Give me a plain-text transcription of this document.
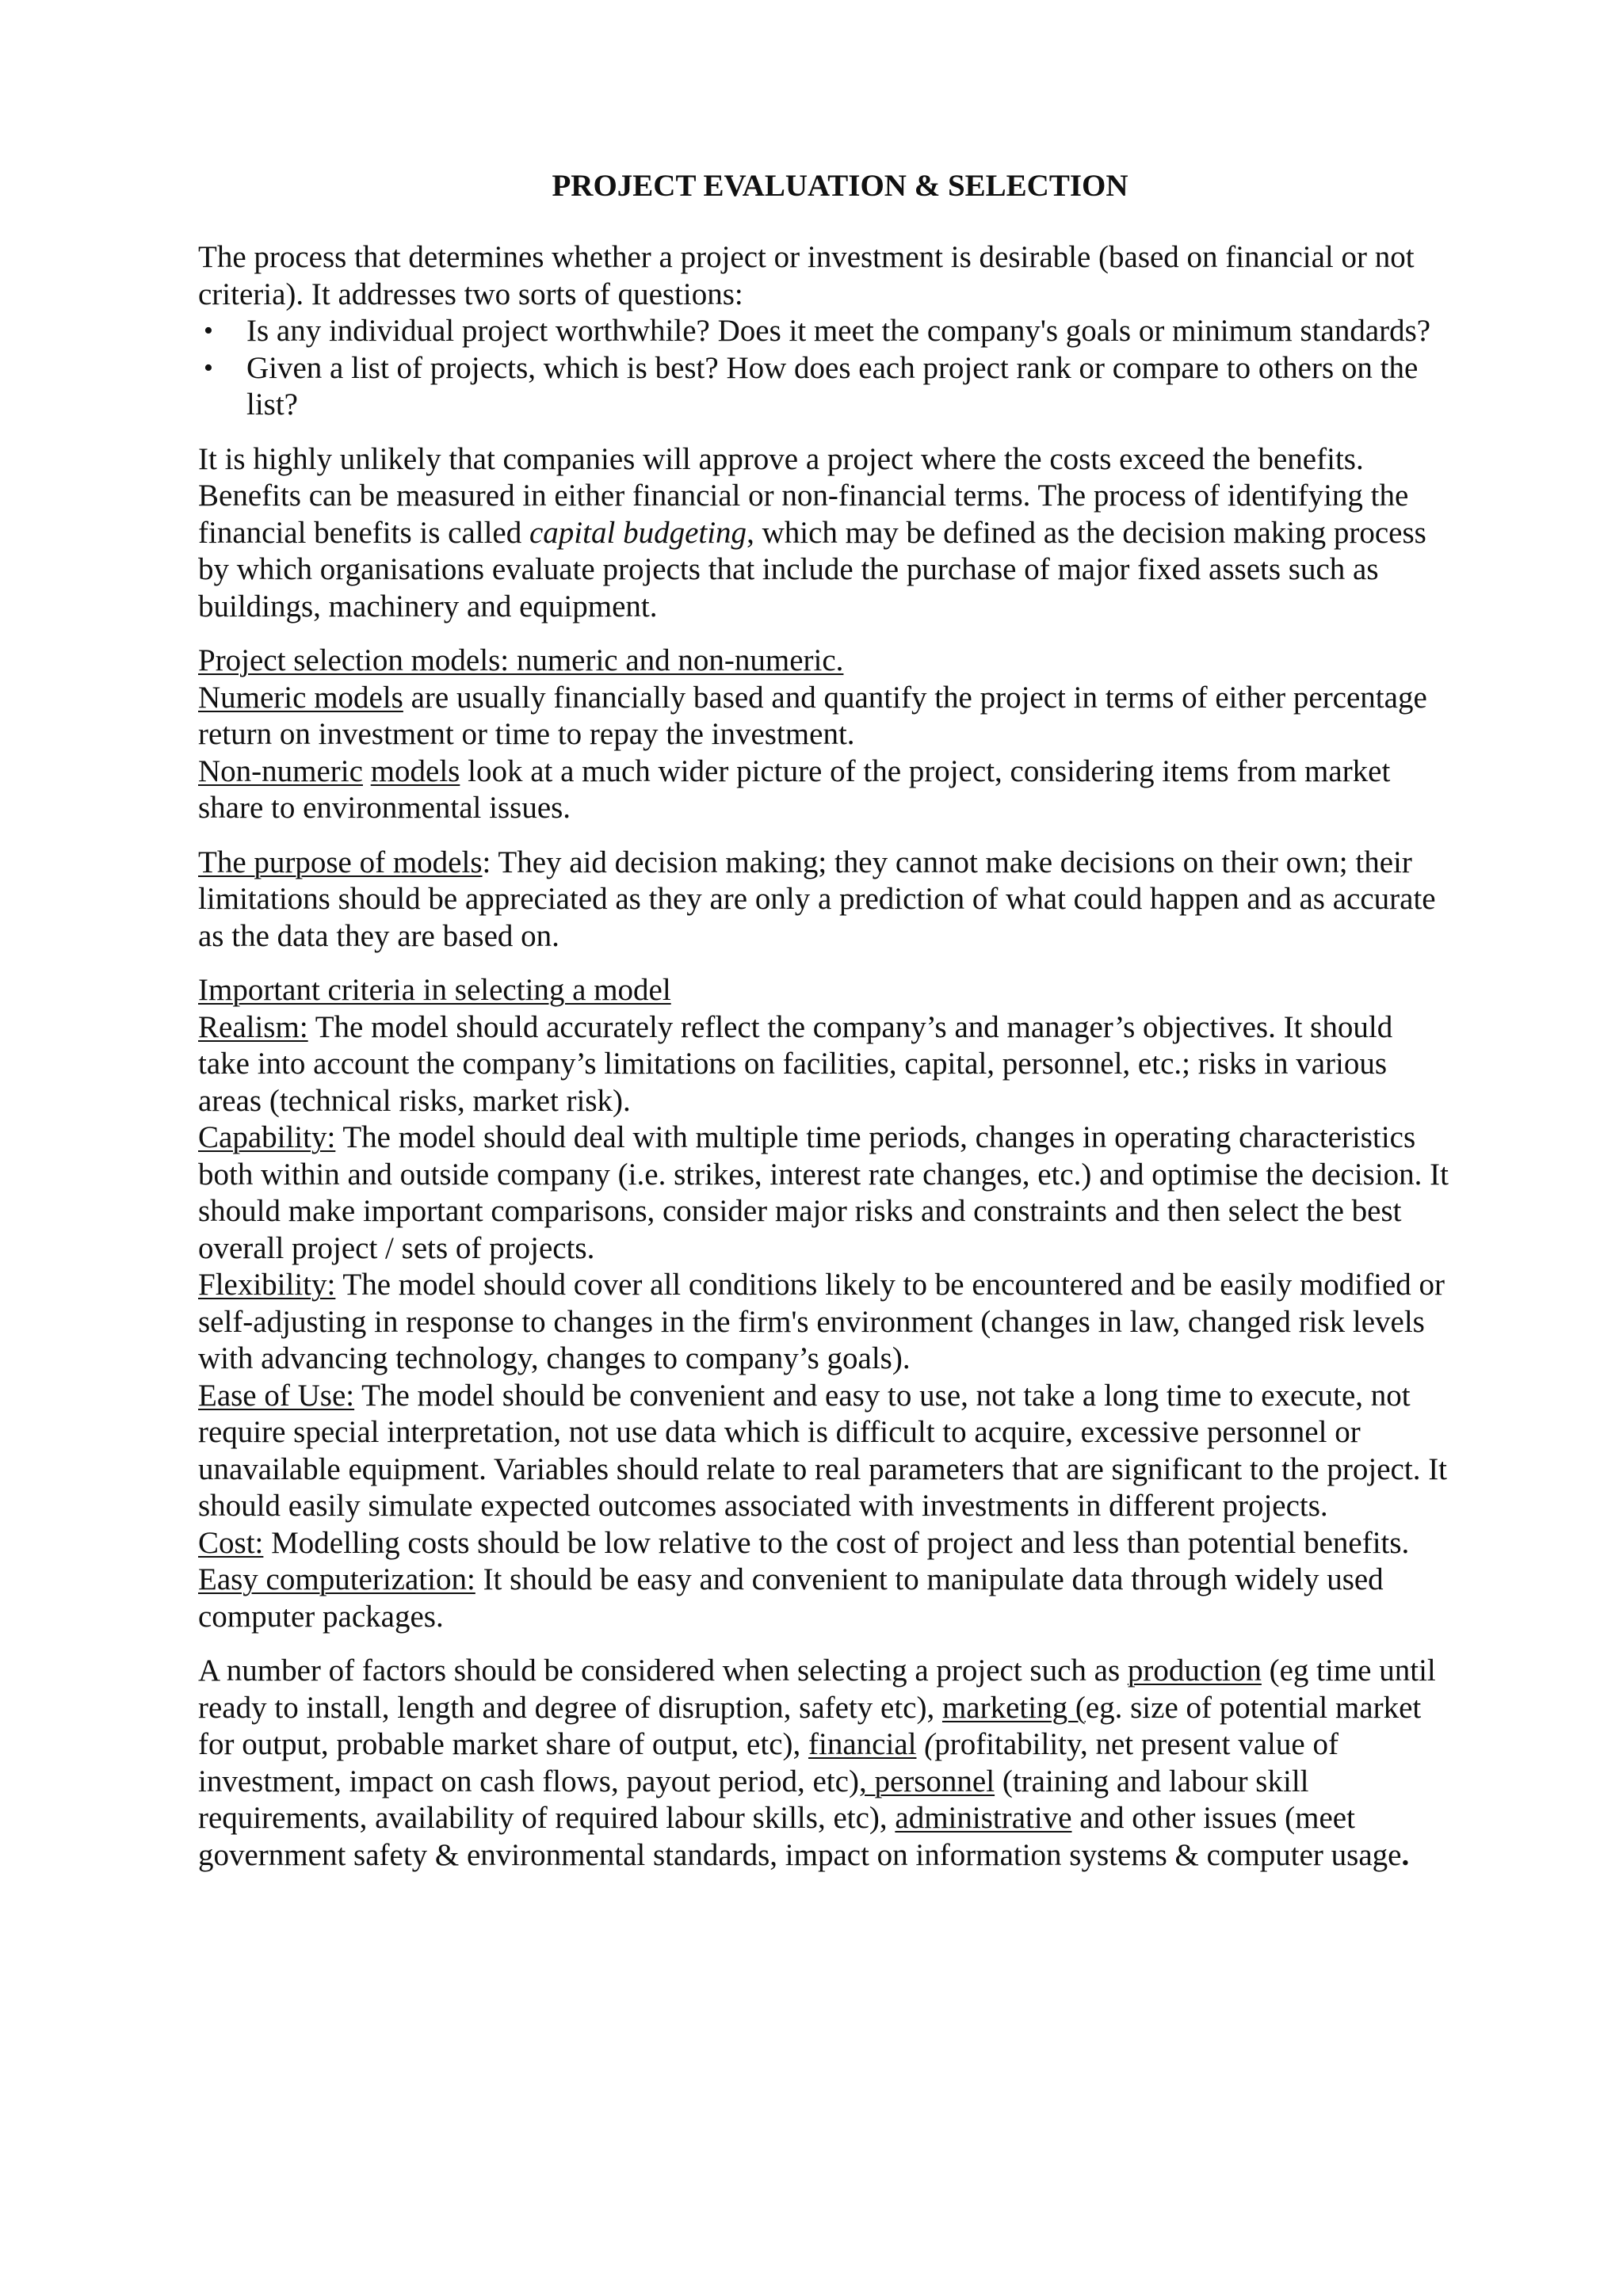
PROJECT EVALUATION & SELECTION

The process that determines whether a project or investment is desirable (based on financial or not criteria). It addresses two sorts of questions:

• Is any individual project worthwhile? Does it meet the company's goals or minimum standards?
• Given a list of projects, which is best? How does each project rank or compare to others on the list?

It is highly unlikely that companies will approve a project where the costs exceed the benefits. Benefits can be measured in either financial or non-financial terms. The process of identifying the financial benefits is called capital budgeting, which may be defined as the decision making process by which organisations evaluate projects that include the purchase of major fixed assets such as buildings, machinery and equipment.

Project selection models: numeric and non-numeric.

Numeric models are usually financially based and quantify the project in terms of either percentage return on investment or time to repay the investment.

Non-numeric models look at a much wider picture of the project, considering items from market share to environmental issues.

The purpose of models: They aid decision making; they cannot make decisions on their own; their limitations should be appreciated as they are only a prediction of what could happen and as accurate as the data they are based on.

Important criteria in selecting a model

Realism: The model should accurately reflect the company’s and manager’s objectives. It should take into account the company’s limitations on facilities, capital, personnel, etc.; risks in various areas (technical risks, market risk).

Capability: The model should deal with multiple time periods, changes in operating characteristics both within and outside company (i.e. strikes, interest rate changes, etc.) and optimise the decision. It should make important comparisons, consider major risks and constraints and then select the best overall project / sets of projects.

Flexibility: The model should cover all conditions likely to be encountered and be easily modified or self-adjusting in response to changes in the firm's environment (changes in law, changed risk levels with advancing technology, changes to company’s goals).

Ease of Use: The model should be convenient and easy to use, not take a long time to execute, not require special interpretation, not use data which is difficult to acquire, excessive personnel or unavailable equipment. Variables should relate to real parameters that are significant to the project. It should easily simulate expected outcomes associated with investments in different projects.

Cost: Modelling costs should be low relative to the cost of project and less than potential benefits.

Easy computerization: It should be easy and convenient to manipulate data through widely used computer packages.

A number of factors should be considered when selecting a project such as production (eg time until ready to install, length and degree of disruption, safety etc), marketing (eg. size of potential market for output, probable market share of output, etc), financial (profitability, net present value of investment, impact on cash flows, payout period, etc), personnel (training and labour skill requirements, availability of required labour skills, etc), administrative and other issues (meet government safety & environmental standards, impact on information systems & computer usage.
